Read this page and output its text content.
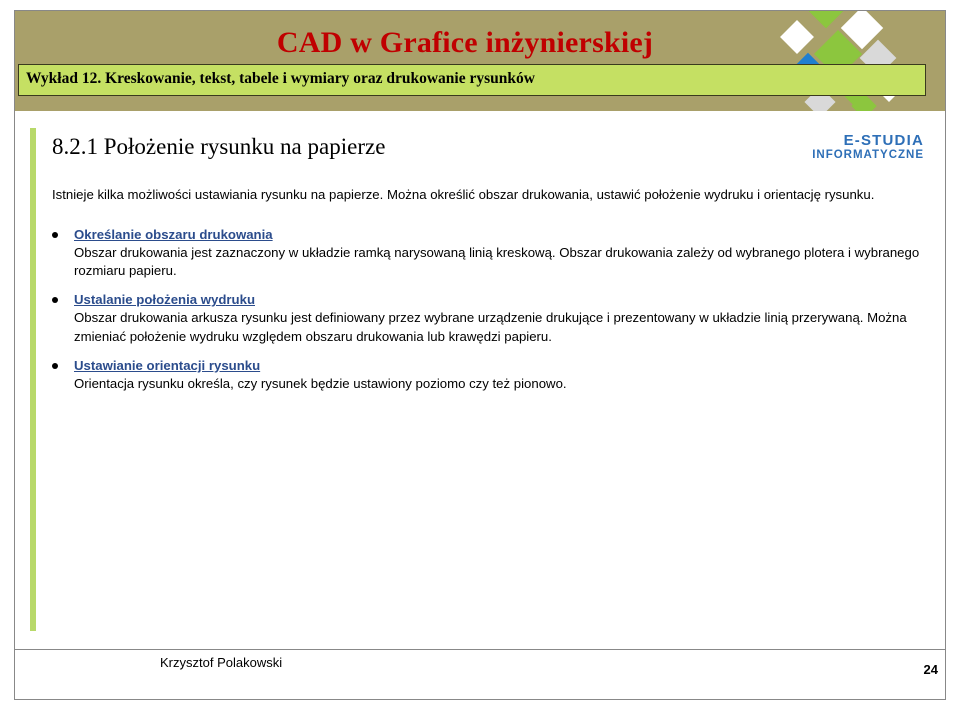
CAD w Grafice inżynierskiej
Wykład 12. Kreskowanie, tekst, tabele i wymiary oraz drukowanie rysunków
8.2.1 Położenie rysunku na papierze	E-STUDIA
INFORMATYCZNE
Istnieje kilka możliwości ustawiania rysunku na papierze. Można określić obszar drukowania, ustawić położenie wydruku i orientację rysunku.
Określanie obszaru drukowania
Obszar drukowania jest zaznaczony w układzie ramką narysowaną linią kreskową. Obszar drukowania zależy od wybranego plotera i wybranego rozmiaru papieru.
Ustalanie położenia wydruku
Obszar drukowania arkusza rysunku jest definiowany przez wybrane urządzenie drukujące i prezentowany w układzie linią przerywaną. Można zmieniać położenie wydruku względem obszaru drukowania lub krawędzi papieru.
Ustawianie orientacji rysunku
Orientacja rysunku określa, czy rysunek będzie ustawiony poziomo czy też pionowo.
Krzysztof Polakowski	24
